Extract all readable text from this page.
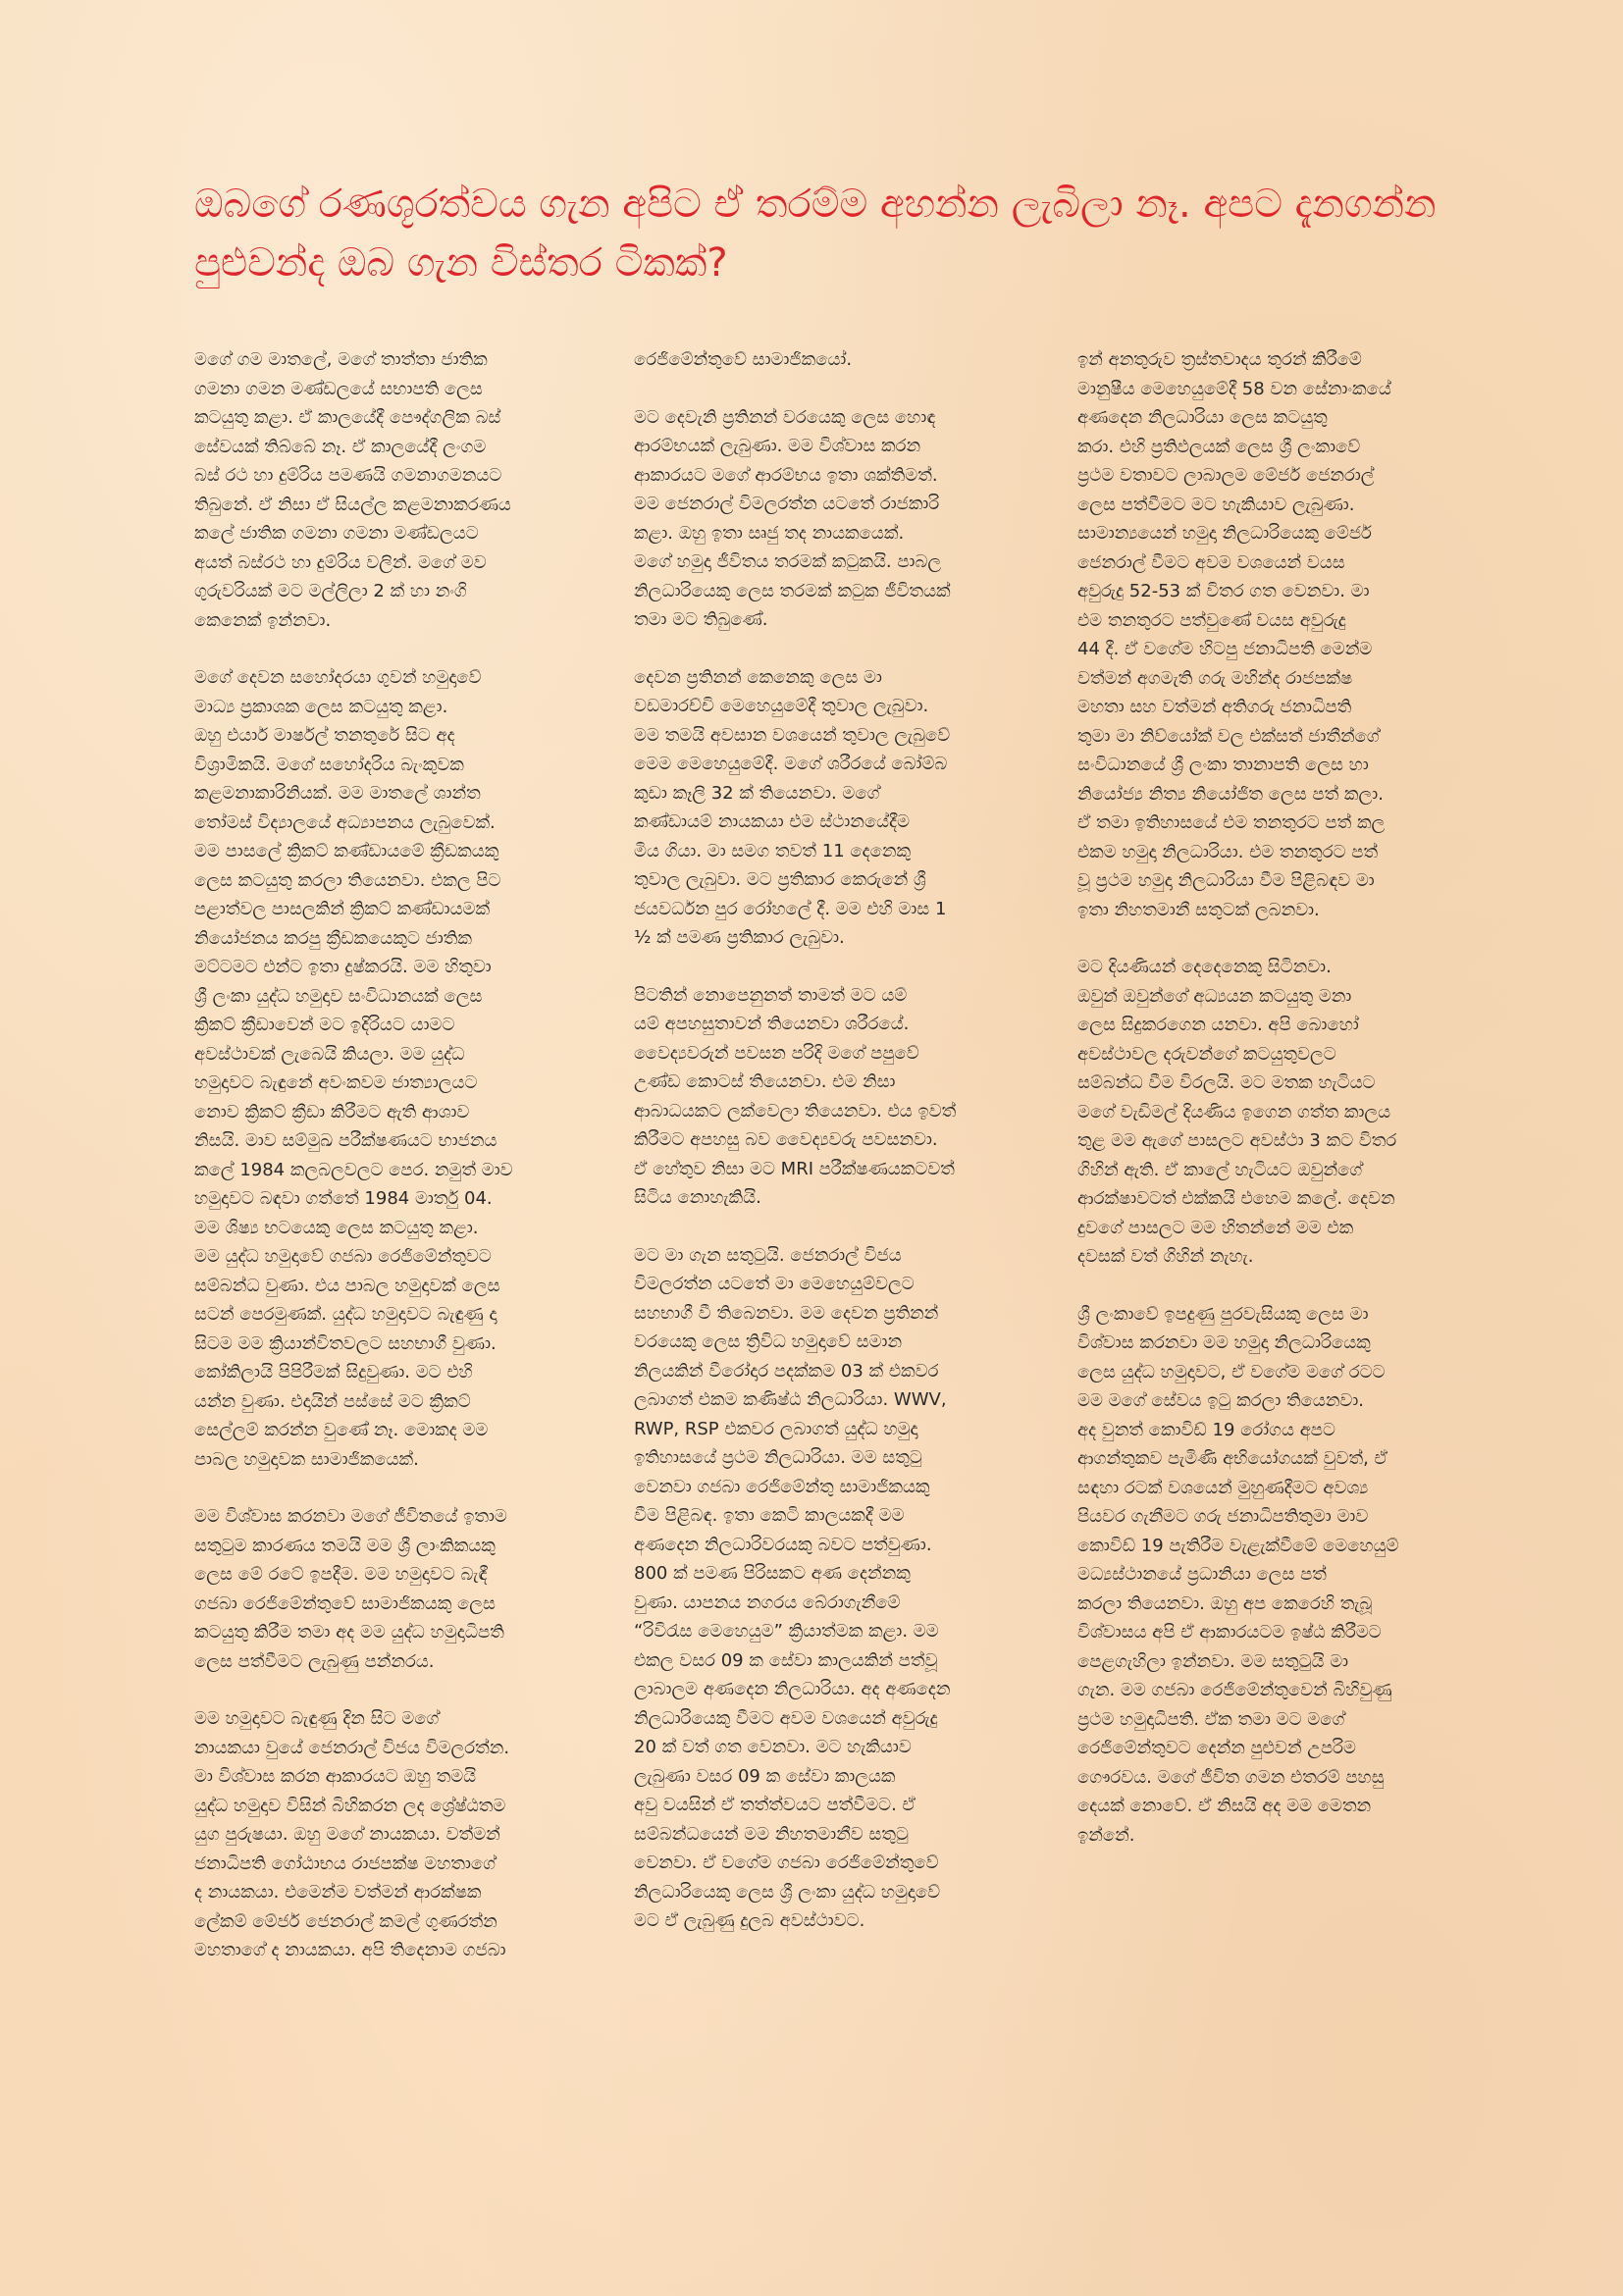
ඔබගේ රණශූරත්වය ගැන අපිට ඒ තරම්ම අහන්න ලැබිලා නෑ. අපට දැනගන්න පුළුවන්ද ඔබ ගැන විස්තර ටිකක්?

මගේ ගම මාතලේ, මගේ තාත්තා ජාතික
ගමනා ගමන මණ්ඩලයේ සභාපති ලෙස
කටයුතු කළා. ඒ කාලයේදී පෞද්ගලික බස්
සේවයක් තිබ්බේ නෑ. ඒ කාලයේදී ලංගම
බස් රථ හා දුම්රිය පමණයි ගමනාගමනයට
තිබුනේ. ඒ නිසා ඒ සියල්ල කළමනාකරණය
කලේ ජාතික ගමනා ගමනා මණ්ඩලයට
අයත් බස්රථ හා දුම්රිය වලින්. මගේ මව
ගුරුවරියක් මට මල්ලිලා 2 ක් හා නංගි
කෙනෙක් ඉන්නවා.

මගේ දෙවන සහෝදරයා ගුවන් හමුදාවේ
මාධ්‍ය ප්‍රකාශක ලෙස කටයුතු කළා.
ඔහු එයාර් මාර්ෂල් තනතුරේ සිට අද
විශ්‍රාමිකයි. මගේ සහෝදරිය බැංකුවක
කළමනාකාරිනියක්. මම මාතලේ ශාන්ත
තෝමස් විද්‍යාලයේ අධ්‍යාපනය ලැබුවෙක්.
මම පාසලේ ක්‍රිකට් කණ්ඩායමේ ක්‍රීඩකයකු
ලෙස කටයුතු කරලා තියෙනවා. එකල පිට
පළාත්වල පාසලකින් ක්‍රිකට් කණ්ඩායමක්
නියෝජනය කරපු ක්‍රීඩකයෙකුට ජාතික
මට්ටමට එන්ට ඉතා දුෂ්කරයි. මම හිතුවා
ශ්‍රී ලංකා යුද්ධ හමුදාව සංවිධානයක් ලෙස
ක්‍රිකට් ක්‍රීඩාවෙන් මට ඉදිරියට යාමට
අවස්ථාවක් ලැබෙයි කියලා. මම යුද්ධ
හමුදාවට බැඳුනේ අවංකවම ජාත්‍යාලයට
නොව ක්‍රිකට් ක්‍රීඩා කිරීමට ඇති ආශාව
නිසයි. මාව සම්මුඛ පරීක්ෂණයට භාජනය
කලේ 1984 කලබලවලට පෙර. නමුත් මාව
හමුදාවට බඳවා ගත්තේ 1984 මාර්තු 04.
මම ශිෂ්‍ය භටයෙකු ලෙස කටයුතු කළා.
මම යුද්ධ හමුදාවේ ගජබා රෙජිමේන්තුවට
සම්බන්ධ වුණා. එය පාබල හමුදාවක් ලෙස
සටන් පෙරමුණක්. යුද්ධ හමුදාවට බැඳුණු දා
සිටම මම ක්‍රියාන්විතවලට සහභාගී වුණා.
කෝකිලායි පිපිරීමක් සිදුවුණා. මට එහි
යන්න වුණා. එදායින් පස්සේ මට ක්‍රිකට්
සෙල්ලම් කරන්න වුණේ නෑ. මොකද මම
පාබල හමුදාවක සාමාජිකයෙක්.

මම විශ්වාස කරනවා මගේ ජීවිතයේ ඉතාම
සතුටුම කාරණය තමයි මම ශ්‍රී ලාංකිකයකු
ලෙස මේ රටේ ඉපදීම. මම හමුදාවට බැඳී
ගජබා රෙජිමේන්තුවේ සාමාජිකයකු ලෙස
කටයුතු කිරීම තමා අද මම යුද්ධ හමුදාධිපති
ලෙස පත්වීමට ලැබුණු පන්නරය.

මම හමුදාවට බැඳුණු දින සිට මගේ
නායකයා වුයේ ජෙනරාල් විජය විමලරත්න.
මා විශ්වාස කරන ආකාරයට ඔහු තමයි
යුද්ධ හමුදාව විසින් බිහිකරන ලද ශ්‍රේෂ්ඨතම
යුග පුරුෂයා. ඔහු මගේ නායකයා. වත්මන්
ජනාධිපති ගෝඨාභය රාජපක්ෂ මහතාගේ
ද නායකයා. එමෙන්ම වත්මන් ආරක්ෂක
ලේකම් මේජර් ජෙනරාල් කමල් ගුණරත්න
මහතාගේ ද නායකයා. අපි තිදෙනාම ගජබා

රෙජිමේන්තුවේ සාමාජිකයෝ.

මට දෙවැනි ප්‍රතිනන් වරයෙකු ලෙස හොඳ
ආරම්භයක් ලැබුණා. මම විශ්වාස කරන
ආකාරයට මගේ ආරම්භය ඉතා ශක්තිමත්.
මම ජෙනරාල් විමලරත්න යටතේ රාජකාරි
කළා. ඔහු ඉතා සෘජු තද නායකයෙක්.
මගේ හමුදා ජීවිතය තරමක් කටුකයි. පාබල
නිලධාරියෙකු ලෙස තරමක් කටුක ජීවිතයක්
තමා මට තිබුණේ.

දෙවන ප්‍රතිනන් කෙනෙකු ලෙස මා
වඩමාරච්චි මෙහෙයුමේදී තුවාල ලැබුවා.
මම තමයි අවසාන වශයෙන් තුවාල ලැබුවේ
මෙම මෙහෙයුමේදී. මගේ ශරීරයේ බෝම්බ
කුඩා කෑලි 32 ක් තියෙනවා. මගේ
කණ්ඩායම් නායකයා එම ස්ථානයේදීම
මිය ගියා. මා සමග තවත් 11 දෙනෙකු
තුවාල ලැබුවා. මට ප්‍රතිකාර කෙරුනේ ශ්‍රී
ජයවර්ධන පුර රෝහලේ දී. මම එහි මාස 1
½ ක් පමණ ප්‍රතිකාර ලැබුවා.

පිටතින් නොපෙනුනත් තාමත් මට යම්
යම් අපහසුතාවන් තියෙනවා ශරීරයේ.
වෛද්‍යවරුන් පවසන පරිදි මගේ පපුවේ
උණ්ඩ කොටස් තියෙනවා. එම නිසා
ආබාධයකට ලක්වෙලා තියෙනවා. එය ඉවත්
කිරීමට අපහසු බව වෛද්‍යවරු පවසනවා.
ඒ හේතුව නිසා මට MRI පරීක්ෂණයකටවත්
සිටිය නොහැකියි.

මට මා ගැන සතුටුයි. ජෙනරාල් විජය
විමලරත්න යටතේ මා මෙහෙයුම්වලට
සහභාගී වී තිබෙනවා. මම දෙවන ප්‍රතිනන්
වරයෙකු ලෙස ත්‍රිවිධ හමුදාවේ සමාන
නිලයකින් වීරෝදාර පදක්කම 03 ක් එකවර
ලබාගත් එකම කණිෂ්ඨ නිලධාරියා. WWV,
RWP, RSP එකවර ලබාගත් යුද්ධ හමුදා
ඉතිහාසයේ ප්‍රථම නිලධාරියා. මම සතුටු
වෙනවා ගජබා රෙජිමේන්තු සාමාජිකයකු
වීම පිළිබඳ. ඉතා කෙටි කාලයකදී මම
අණදෙන නිලධාරිවරයකු බවට පත්වුණා.
800 ක් පමණ පිරිසකට අණ දෙන්නකු
වුණා. යාපනය නගරය බේරාගැනීමේ
“රිවිරැස මෙහෙයුම” ක්‍රියාත්මක කළා. මම
එකල වසර 09 ක සේවා කාලයකින් පත්වූ
ලාබාලම අණදෙන නිලධාරියා. අද අණදෙන
නිලධාරියෙකු වීමට අවම වශයෙන් අවුරුදු
20 ක් වත් ගත වෙනවා. මට හැකියාව
ලැබුණා වසර 09 ක සේවා කාලයක
අවු වයසින් ඒ තත්ත්වයට පත්වීමට. ඒ
සම්බන්ධයෙන් මම නිහතමානීව සතුටු
වෙනවා. ඒ වගේම ගජබා රෙජිමේන්තුවේ
නිලධාරියෙකු ලෙස ශ්‍රී ලංකා යුද්ධ හමුදාවේ
මට ඒ ලැබුණු දුලබ අවස්ථාවට.

ඉන් අනතුරුව ත්‍රස්තවාදය තුරන් කිරීමේ
මානුෂීය මෙහෙයුමේදී 58 වන සේනාංකයේ
අණදෙන නිලධාරියා ලෙස කටයුතු
කරා. එහි ප්‍රතිඵලයක් ලෙස ශ්‍රී ලංකාවේ
ප්‍රථම වතාවට ලාබාලම මේජර් ජෙනරාල්
ලෙස පත්වීමට මට හැකියාව ලැබුණා.
සාමාන්‍යයෙන් හමුදා නිලධාරියෙකු මේජර්
ජෙනරාල් වීමට අවම වශයෙන් වයස
අවුරුදු 52-53 ක් විතර ගත වෙනවා. මා
එම තනතුරට පත්වුණේ වයස අවුරුදු
44 දී. ඒ වගේම හිටපු ජනාධිපති මෙන්ම
වත්මන් අගමැති ගරු මහින්ද රාජපක්ෂ
මහතා සහ වත්මන් අතිගරු ජනාධිපති
තුමා මා නිව්යෝක් වල එක්සත් ජාතීන්ගේ
සංවිධානයේ ශ්‍රී ලංකා තානාපති ලෙස හා
නියෝජ්‍ය නිත්‍ය නියෝජිත ලෙස පත් කලා.
ඒ තමා ඉතිහාසයේ එම තනතුරට පත් කල
එකම හමුදා නිලධාරියා. එම තනතුරට පත්
වූ ප්‍රථම හමුදා නිලධාරියා වීම පිළිබඳව මා
ඉතා නිහතමානී සතුටක් ලබනවා.

මට දියණියන් දෙදෙනෙකු සිටිනවා.
ඔවුන් ඔවුන්ගේ අධ්‍යයන කටයුතු මනා
ලෙස සිදුකරගෙන යනවා. අපි බොහෝ
අවස්ථාවල දරුවන්ගේ කටයුතුවලට
සම්බන්ධ වීම විරලයි. මට මතක හැටියට
මගේ වැඩිමල් දියණිය ඉගෙන ගත්ත කාලය
තුළ මම ඇගේ පාසලට අවස්ථා 3 කට විතර
ගිහින් ඇති. ඒ කාලේ හැටියට ඔවුන්ගේ
ආරක්ෂාවටත් එක්කයි එහෙම කලේ. දෙවන
දුවගේ පාසලට මම හිතන්නේ මම එක
දවසක් වත් ගිහින් නැහැ.

ශ්‍රී ලංකාවේ ඉපදුණු පුරවැසියකු ලෙස මා
විශ්වාස කරනවා මම හමුදා නිලධාරියෙකු
ලෙස යුද්ධ හමුදාවට, ඒ වගේම මගේ රටට
මම මගේ සේවය ඉටු කරලා තියෙනවා.
අද වුනත් කොවිඩ් 19 රෝගය අපට
ආගන්තුකව පැමිණි අභියෝගයක් වුවත්, ඒ
සඳහා රටක් වශයෙන් මුහුණදීමට අවශ්‍ය
පියවර ගැනීමට ගරු ජනාධිපතිතුමා මාව
කොවිඩ් 19 පැතිරීම වැළැක්වීමේ මෙහෙයුම්
මධ්‍යස්ථානයේ ප්‍රධානියා ලෙස පත්
කරලා තියෙනවා. ඔහු අප කෙරෙහි තැබූ
විශ්වාසය අපි ඒ ආකාරයටම ඉෂ්ඨ කිරීමට
පෙළගැහිලා ඉන්නවා. මම සතුටුයි මා
ගැන. මම ගජබා රෙජිමේන්තුවෙන් බිහිවුණු
ප්‍රථම හමුදාධිපති. ඒක තමා මට මගේ
රෙජිමේන්තුවට දෙන්න පුළුවන් උපරිම
ගෞරවය. මගේ ජීවිත ගමන එතරම් පහසු
දෙයක් නොවේ. ඒ නිසයි අද මම මෙතන
ඉන්නේ.
